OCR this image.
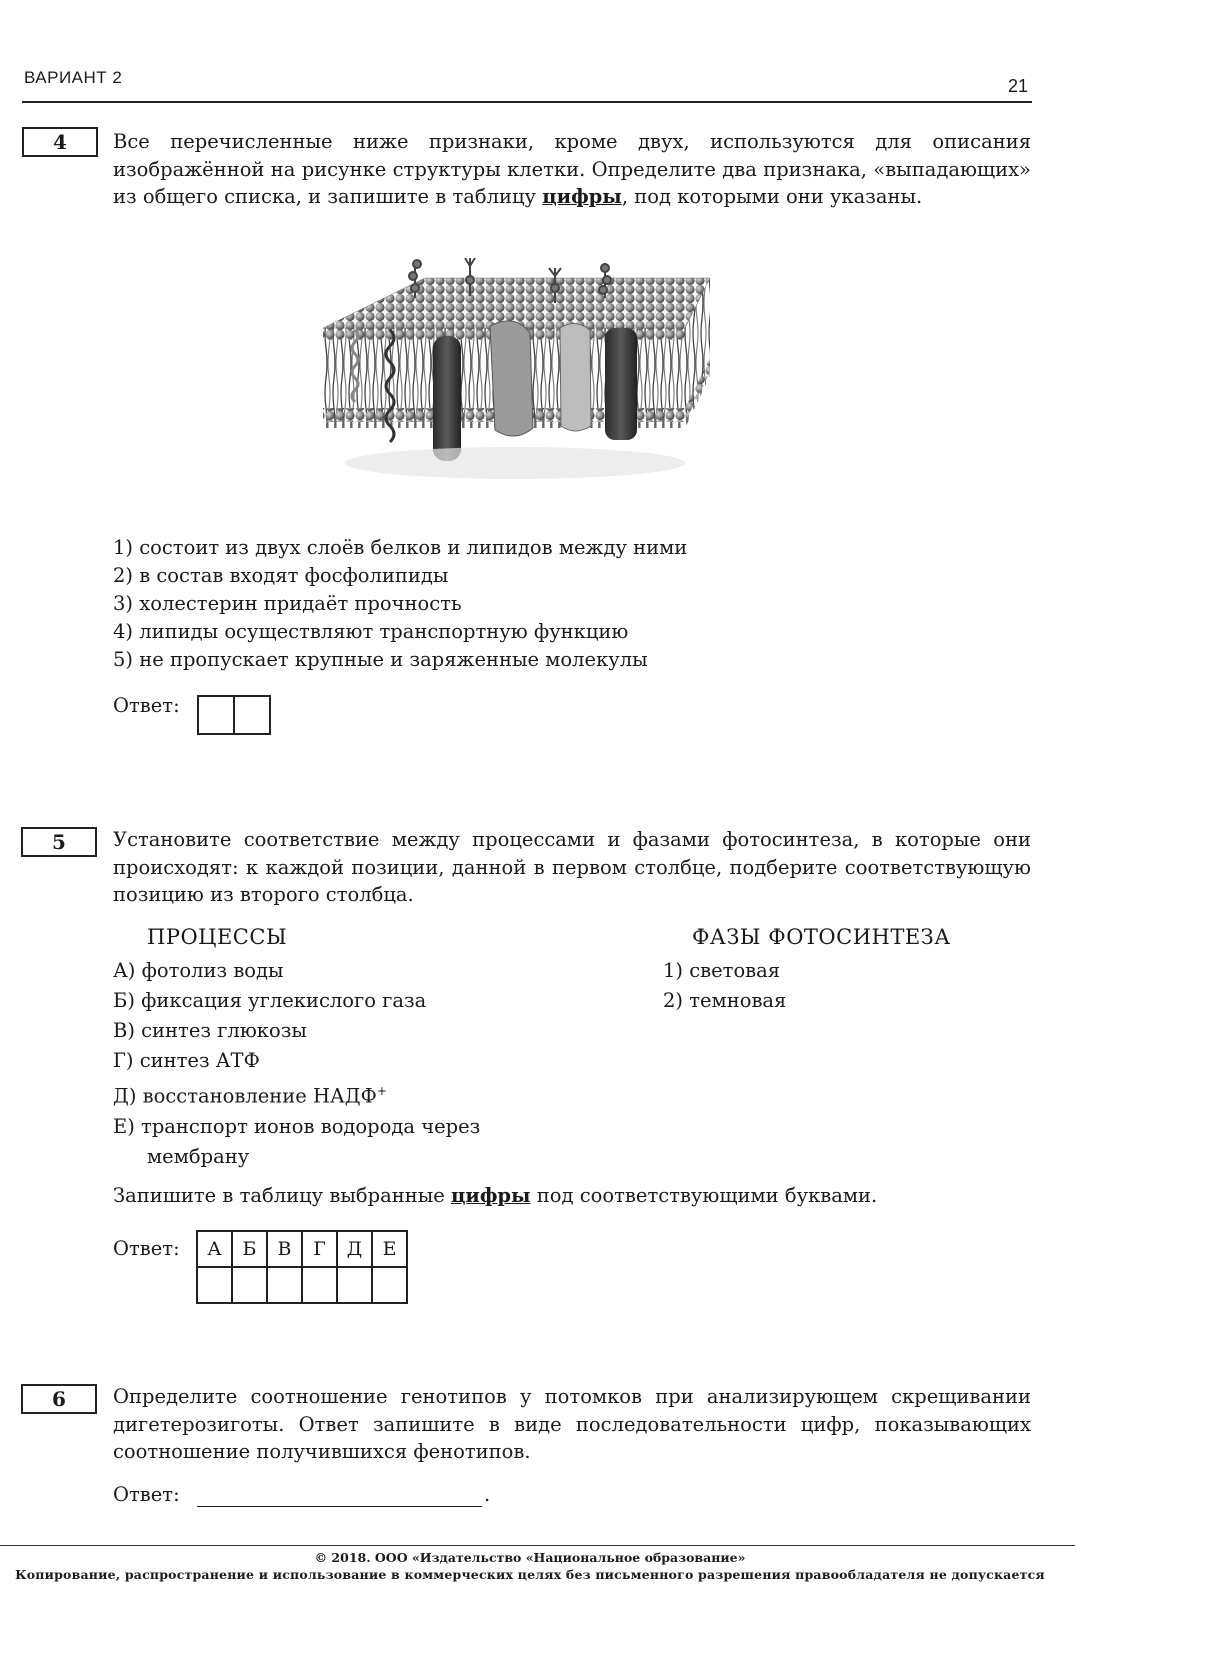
ВАРИАНТ 2	21
4	Все перечисленные ниже признаки, кроме двух, используются для описания изображённой на рисунке структуры клетки. Определите два признака, «выпадающих» из общего списка, и запишите в таблицу цифры, под которыми они указаны.
1) состоит из двух слоёв белков и липидов между ними
2) в состав входят фосфолипиды
3) холестерин придаёт прочность
4) липиды осуществляют транспортную функцию
5) не пропускает крупные и заряженные молекулы
Ответ:
5	Установите соответствие между процессами и фазами фотосинтеза, в которые они происходят: к каждой позиции, данной в первом столбце, подберите соответствующую позицию из второго столбца.
ПРОЦЕССЫ	ФАЗЫ ФОТОСИНТЕЗА
А) фотолиз воды
Б) фиксация углекислого газа
В) синтез глюкозы
Г) синтез АТФ
Д) восстановление НАДФ+
Е) транспорт ионов водорода через
мембрану
1) световая
2) темновая
Запишите в таблицу выбранные цифры под соответствующими буквами.
Ответ: А	Б	В	Г	Д	Е

6	Определите соотношение генотипов у потомков при анализирующем скрещивании дигетерозиготы. Ответ запишите в виде последовательности цифр, показывающих соотношение получившихся фенотипов.
Ответ:	.
© 2018. ООО «Издательство «Национальное образование»
Копирование, распространение и использование в коммерческих целях без письменного разрешения правообладателя не допускается
